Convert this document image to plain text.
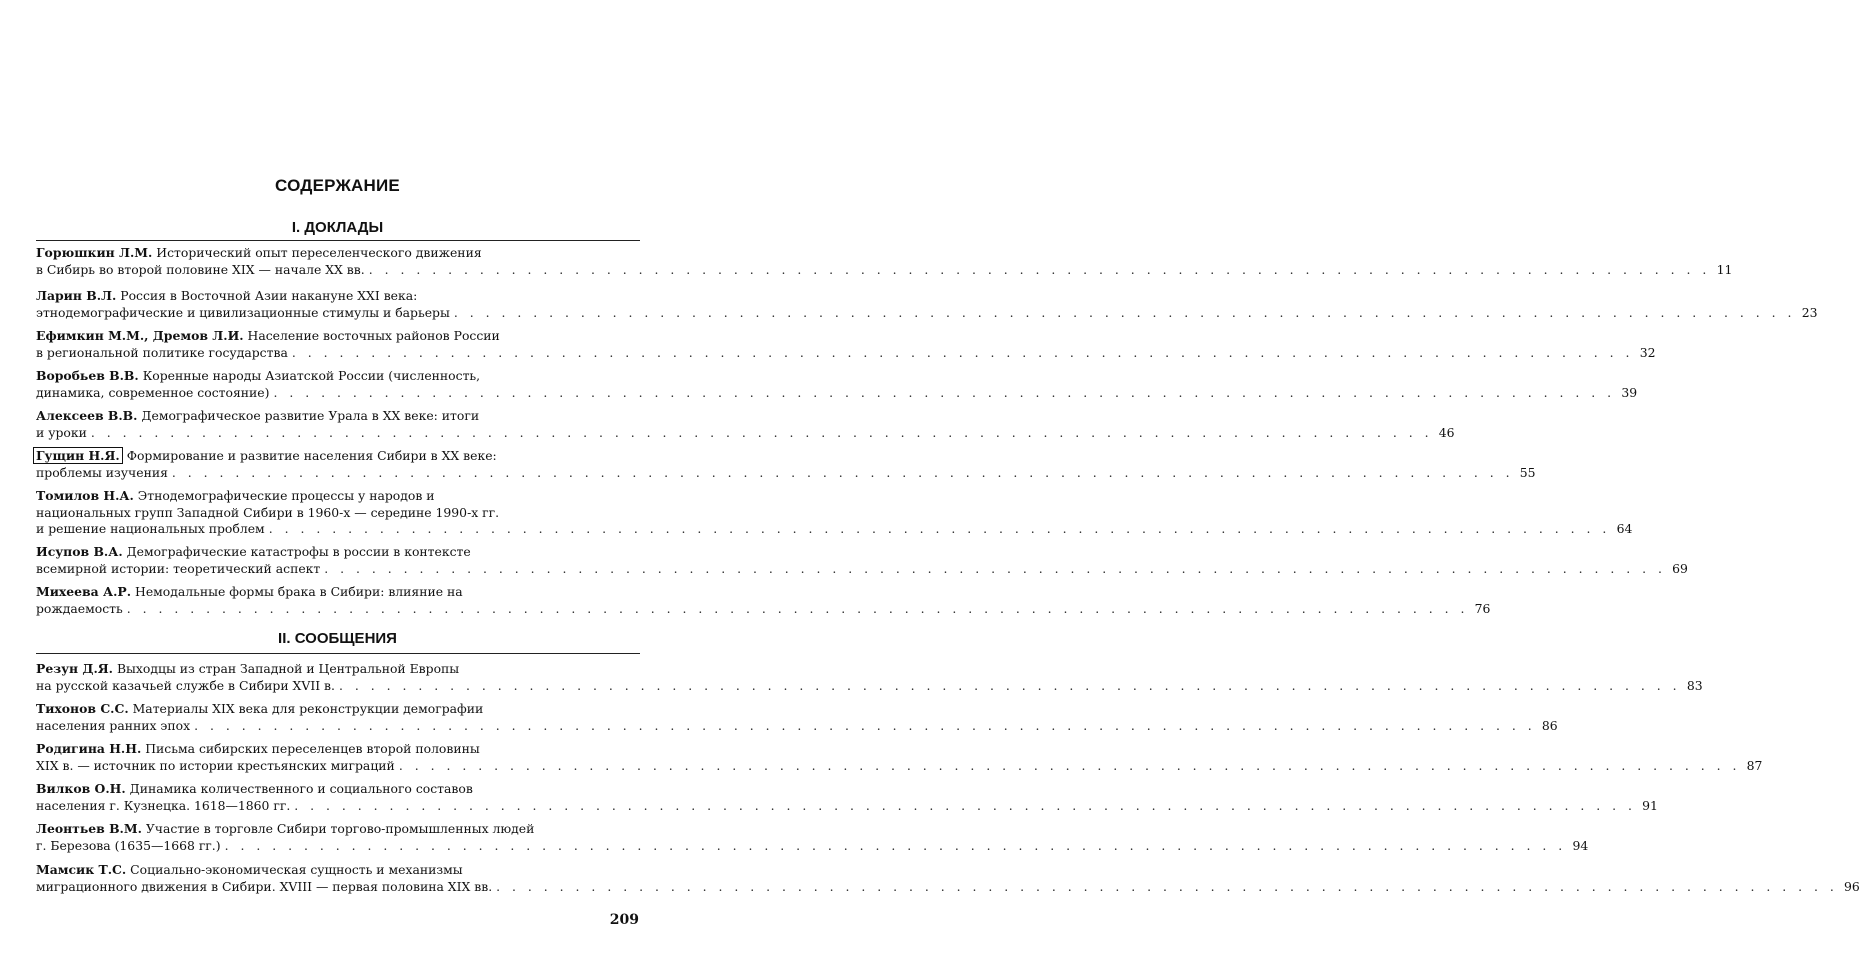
СОДЕРЖАНИЕ
I. ДОКЛАДЫ
Горюшкин Л.М. Исторический опыт переселенческого движения
в Сибирь во второй половине XIX — начале XX вв. . . . . . . . . . . . . . . . . . . . . . . . . . . . . . . . . . . . . . . . . . . . . . . . . . . . . . . . . . . . . . . . . . . . . . . . . . . . . . . . . . . . . . 11
Ларин В.Л. Россия в Восточной Азии накануне XXI века:
этнодемографические и цивилизационные стимулы и барьеры . . . . . . . . . . . . . . . . . . . . . . . . . . . . . . . . . . . . . . . . . . . . . . . . . . . . . . . . . . . . . . . . . . . . . . . . . . . . . . . . . . . . . 23
Ефимкин М.М., Дремов Л.И. Население восточных районов России
в региональной политике государства . . . . . . . . . . . . . . . . . . . . . . . . . . . . . . . . . . . . . . . . . . . . . . . . . . . . . . . . . . . . . . . . . . . . . . . . . . . . . . . . . . . . . 32
Воробьев В.В. Коренные народы Азиатской России (численность,
динамика, современное состояние) . . . . . . . . . . . . . . . . . . . . . . . . . . . . . . . . . . . . . . . . . . . . . . . . . . . . . . . . . . . . . . . . . . . . . . . . . . . . . . . . . . . . . 39
Алексеев В.В. Демографическое развитие Урала в XX веке: итоги
и уроки . . . . . . . . . . . . . . . . . . . . . . . . . . . . . . . . . . . . . . . . . . . . . . . . . . . . . . . . . . . . . . . . . . . . . . . . . . . . . . . . . . . . . 46
Гущин Н.Я. Формирование и развитие населения Сибири в XX веке:
проблемы изучения . . . . . . . . . . . . . . . . . . . . . . . . . . . . . . . . . . . . . . . . . . . . . . . . . . . . . . . . . . . . . . . . . . . . . . . . . . . . . . . . . . . . . 55
Томилов Н.А. Этнодемографические процессы у народов и
национальных групп Западной Сибири в 1960-х — середине 1990-х гг.
и решение национальных проблем . . . . . . . . . . . . . . . . . . . . . . . . . . . . . . . . . . . . . . . . . . . . . . . . . . . . . . . . . . . . . . . . . . . . . . . . . . . . . . . . . . . . . 64
Исупов В.А. Демографические катастрофы в россии в контексте
всемирной истории: теоретический аспект . . . . . . . . . . . . . . . . . . . . . . . . . . . . . . . . . . . . . . . . . . . . . . . . . . . . . . . . . . . . . . . . . . . . . . . . . . . . . . . . . . . . . 69
Михеева А.Р. Немодальные формы брака в Сибири: влияние на
рождаемость . . . . . . . . . . . . . . . . . . . . . . . . . . . . . . . . . . . . . . . . . . . . . . . . . . . . . . . . . . . . . . . . . . . . . . . . . . . . . . . . . . . . . 76
II. СООБЩЕНИЯ
Резун Д.Я. Выходцы из стран Западной и Центральной Европы
на русской казачьей службе в Сибири XVII в. . . . . . . . . . . . . . . . . . . . . . . . . . . . . . . . . . . . . . . . . . . . . . . . . . . . . . . . . . . . . . . . . . . . . . . . . . . . . . . . . . . . . . 83
Тихонов С.С. Материалы XIX века для реконструкции демографии
населения ранних эпох . . . . . . . . . . . . . . . . . . . . . . . . . . . . . . . . . . . . . . . . . . . . . . . . . . . . . . . . . . . . . . . . . . . . . . . . . . . . . . . . . . . . . 86
Родигина Н.Н. Письма сибирских переселенцев второй половины
XIX в. — источник по истории крестьянских миграций . . . . . . . . . . . . . . . . . . . . . . . . . . . . . . . . . . . . . . . . . . . . . . . . . . . . . . . . . . . . . . . . . . . . . . . . . . . . . . . . . . . . . 87
Вилков О.Н. Динамика количественного и социального составов
населения г. Кузнецка. 1618—1860 гг. . . . . . . . . . . . . . . . . . . . . . . . . . . . . . . . . . . . . . . . . . . . . . . . . . . . . . . . . . . . . . . . . . . . . . . . . . . . . . . . . . . . . . 91
Леонтьев В.М. Участие в торговле Сибири торгово-промышленных людей
г. Березова (1635—1668 гг.) . . . . . . . . . . . . . . . . . . . . . . . . . . . . . . . . . . . . . . . . . . . . . . . . . . . . . . . . . . . . . . . . . . . . . . . . . . . . . . . . . . . . . 94
Мамсик Т.С. Социально-экономическая сущность и механизмы
миграционного движения в Сибири. XVIII — первая половина XIX вв. . . . . . . . . . . . . . . . . . . . . . . . . . . . . . . . . . . . . . . . . . . . . . . . . . . . . . . . . . . . . . . . . . . . . . . . . . . . . . . . . . . . . . 96
209
